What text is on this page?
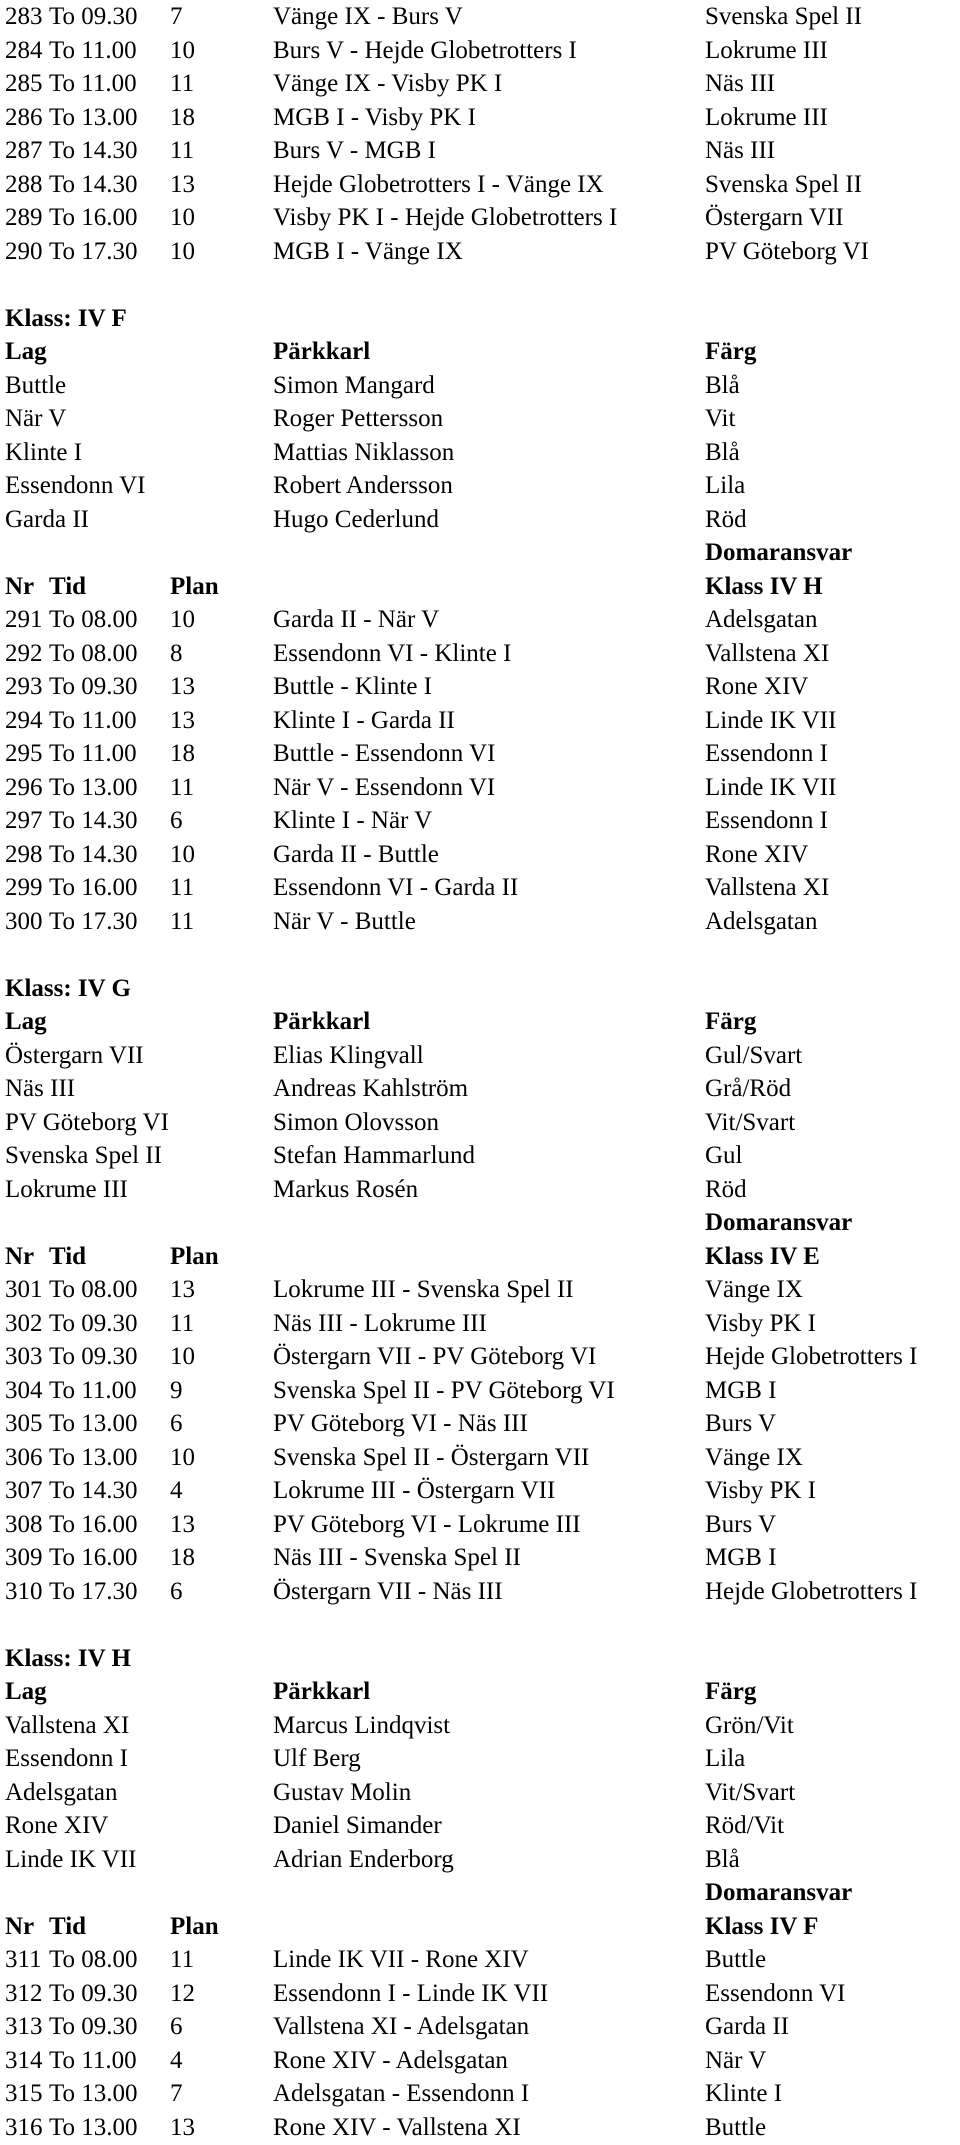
283 To 09.30 7	Vänge IX - Burs V	Svenska Spel II
284 To 11.00 10	Burs V - Hejde Globetrotters I	Lokrume III
285 To 11.00 11	Vänge IX - Visby PK I	Näs III
286 To 13.00 18	MGB I - Visby PK I	Lokrume III
287 To 14.30 11	Burs V - MGB I	Näs III
288 To 14.30 13	Hejde Globetrotters I - Vänge IX	Svenska Spel II
289 To 16.00 10	Visby PK I - Hejde Globetrotters I	Östergarn VII
290 To 17.30 10	MGB I - Vänge IX	PV Göteborg VI
Klass: IV F
Lag	Pärkkarl	Färg
Buttle	Simon Mangard	Blå
När V	Roger Pettersson	Vit
Klinte I	Mattias Niklasson	Blå
Essendonn VI	Robert Andersson	Lila
Garda II	Hugo Cederlund	Röd
Domaransvar
Nr Tid	Plan	Klass IV H
291 To 08.00 10	Garda II - När V	Adelsgatan
292 To 08.00 8	Essendonn VI - Klinte I	Vallstena XI
293 To 09.30 13	Buttle - Klinte I	Rone XIV
294 To 11.00 13	Klinte I - Garda II	Linde IK VII
295 To 11.00 18	Buttle - Essendonn VI	Essendonn I
296 To 13.00 11	När V - Essendonn VI	Linde IK VII
297 To 14.30 6	Klinte I - När V	Essendonn I
298 To 14.30 10	Garda II - Buttle	Rone XIV
299 To 16.00 11	Essendonn VI - Garda II	Vallstena XI
300 To 17.30 11	När V - Buttle	Adelsgatan
Klass: IV G
Lag	Pärkkarl	Färg
Östergarn VII	Elias Klingvall	Gul/Svart
Näs III	Andreas Kahlström	Grå/Röd
PV Göteborg VI	Simon Olovsson	Vit/Svart
Svenska Spel II	Stefan Hammarlund	Gul
Lokrume III	Markus Rosén	Röd
Domaransvar
Nr Tid	Plan	Klass IV E
301 To 08.00 13	Lokrume III - Svenska Spel II	Vänge IX
302 To 09.30 11	Näs III - Lokrume III	Visby PK I
303 To 09.30 10	Östergarn VII - PV Göteborg VI	Hejde Globetrotters I
304 To 11.00 9	Svenska Spel II - PV Göteborg VI	MGB I
305 To 13.00 6	PV Göteborg VI - Näs III	Burs V
306 To 13.00 10	Svenska Spel II - Östergarn VII	Vänge IX
307 To 14.30 4	Lokrume III - Östergarn VII	Visby PK I
308 To 16.00 13	PV Göteborg VI - Lokrume III	Burs V
309 To 16.00 18	Näs III - Svenska Spel II	MGB I
310 To 17.30 6	Östergarn VII - Näs III	Hejde Globetrotters I
Klass: IV H
Lag	Pärkkarl	Färg
Vallstena XI	Marcus Lindqvist	Grön/Vit
Essendonn I	Ulf Berg	Lila
Adelsgatan	Gustav Molin	Vit/Svart
Rone XIV	Daniel Simander	Röd/Vit
Linde IK VII	Adrian Enderborg	Blå
Domaransvar
Nr Tid	Plan	Klass IV F
311 To 08.00 11	Linde IK VII - Rone XIV	Buttle
312 To 09.30 12	Essendonn I - Linde IK VII	Essendonn VI
313 To 09.30 6	Vallstena XI - Adelsgatan	Garda II
314 To 11.00 4	Rone XIV - Adelsgatan	När V
315 To 13.00 7	Adelsgatan - Essendonn I	Klinte I
316 To 13.00 13	Rone XIV - Vallstena XI	Buttle
